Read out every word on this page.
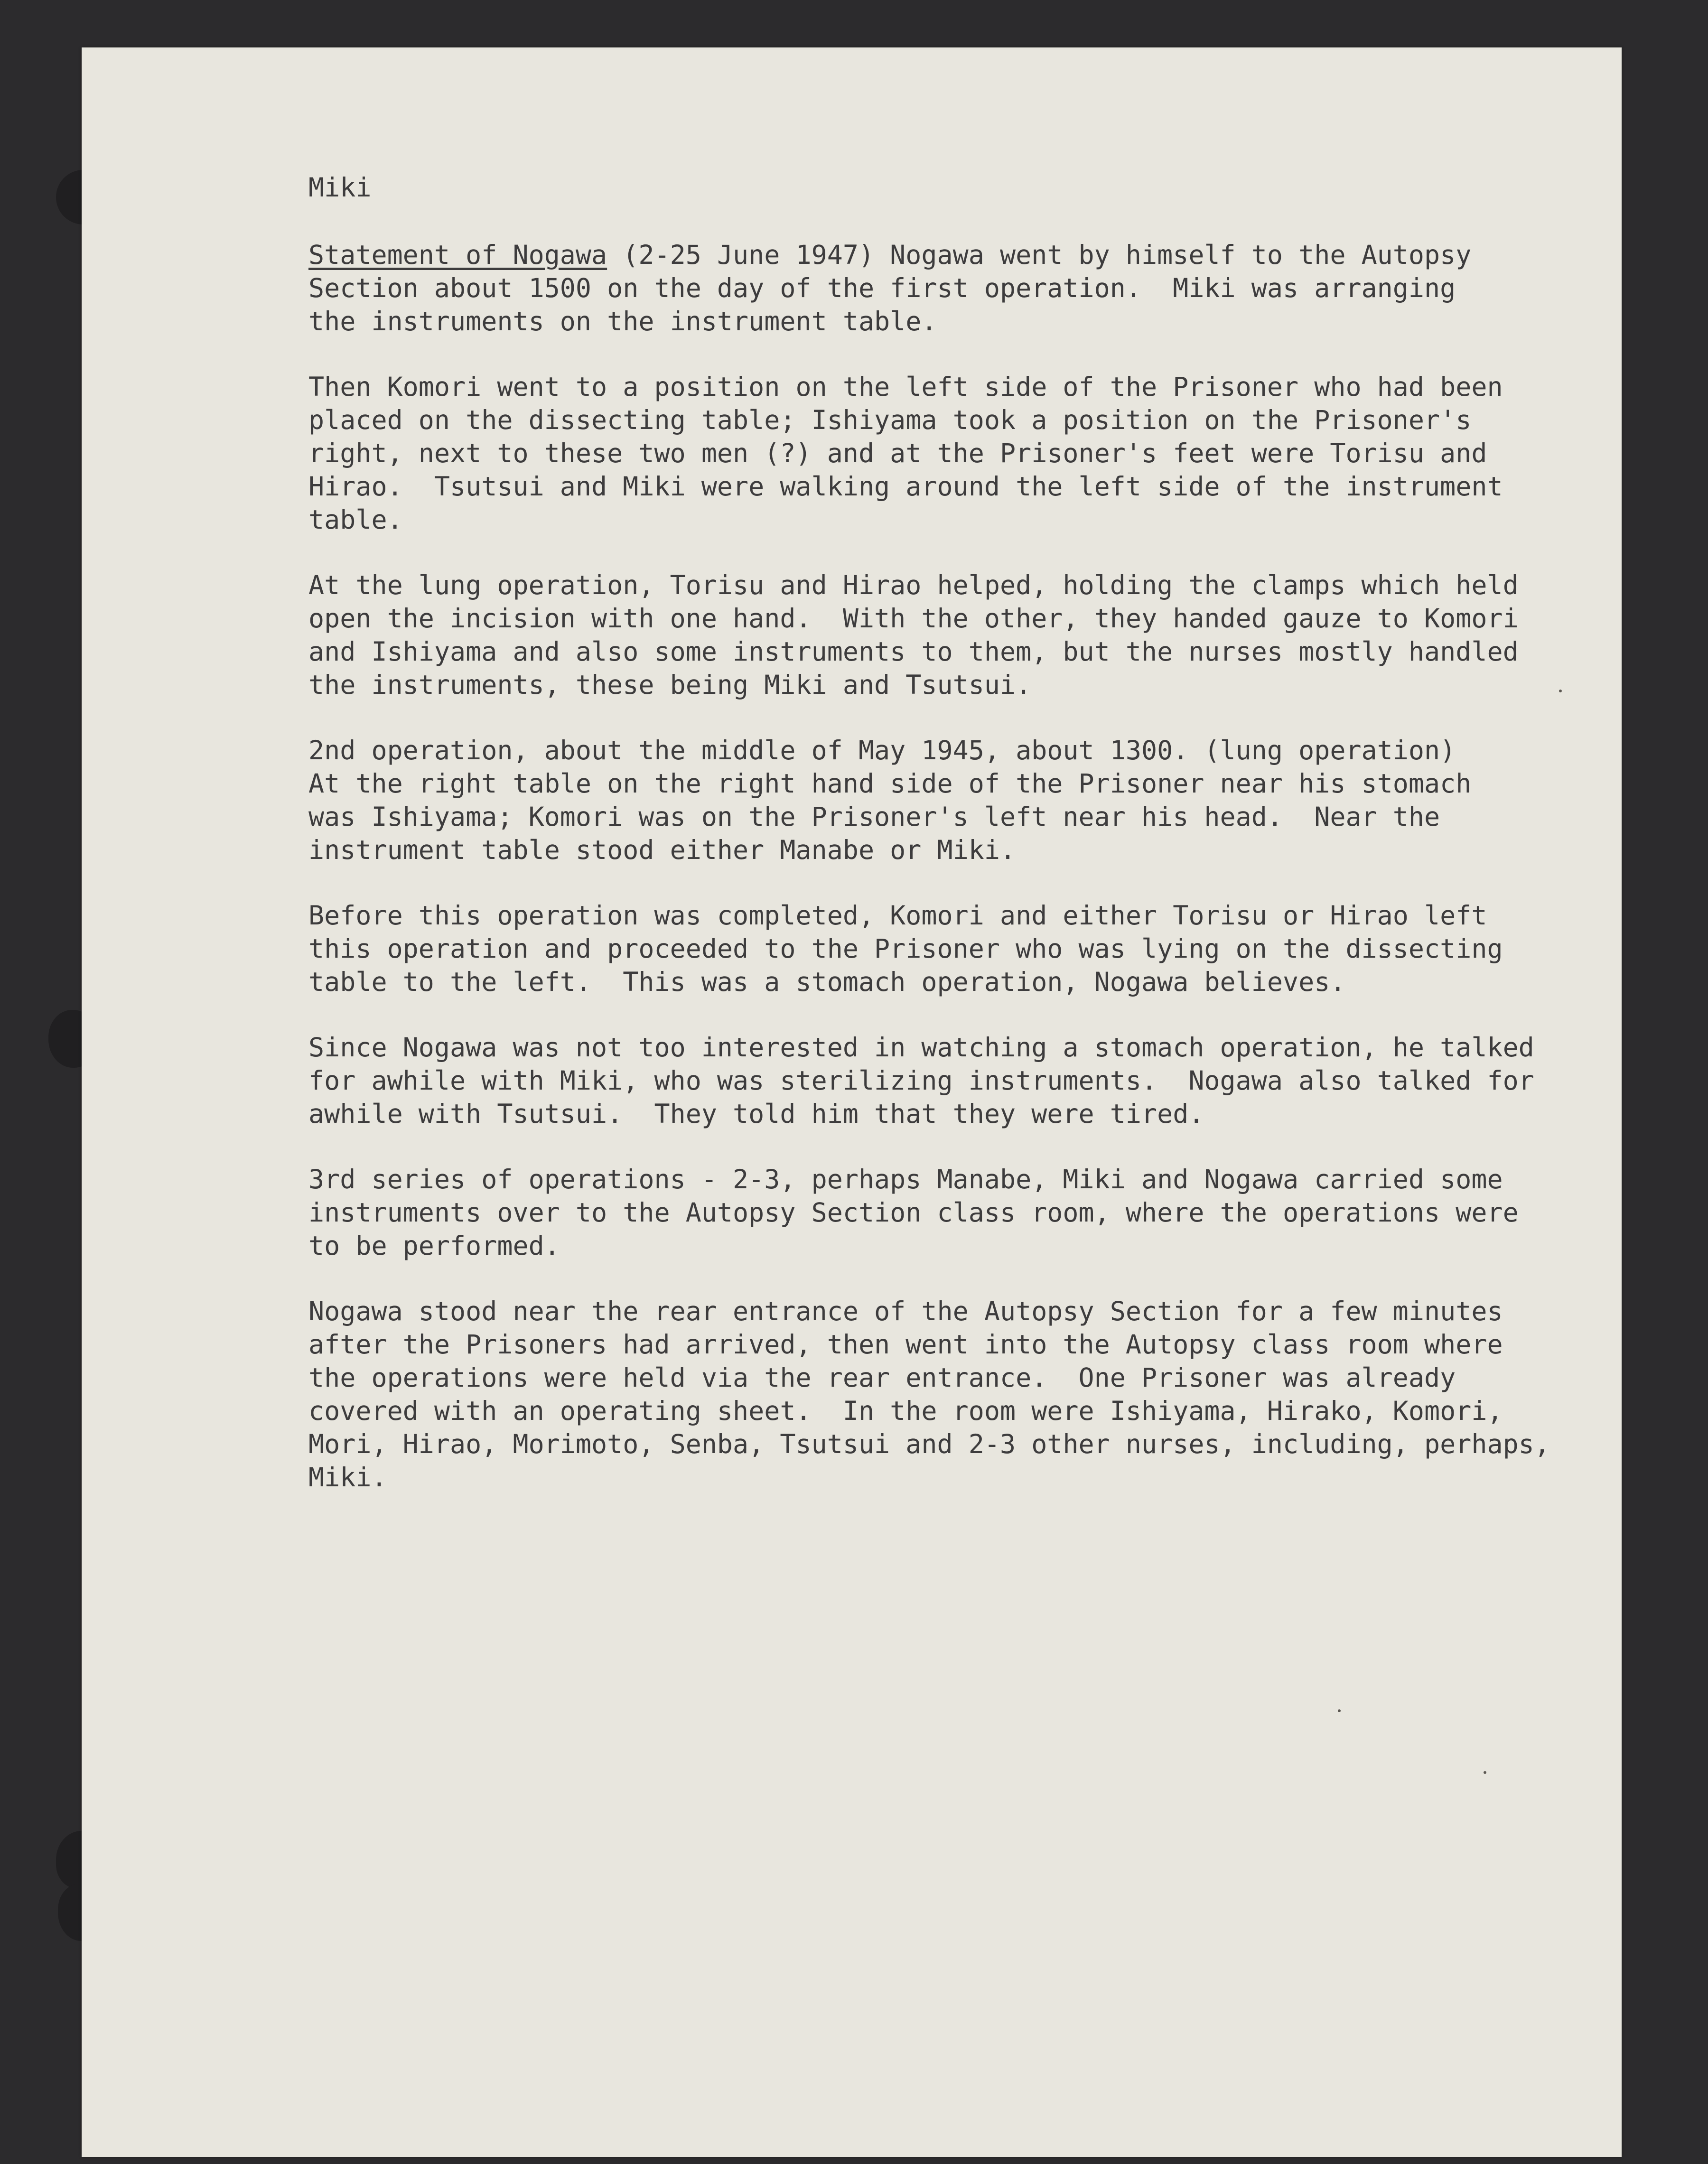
Miki
Statement of Nogawa (2-25 June 1947) Nogawa went by himself to the Autopsy
Section about 1500 on the day of the first operation.  Miki was arranging
the instruments on the instrument table.
Then Komori went to a position on the left side of the Prisoner who had been
placed on the dissecting table; Ishiyama took a position on the Prisoner's
right, next to these two men (?) and at the Prisoner's feet were Torisu and
Hirao.  Tsutsui and Miki were walking around the left side of the instrument
table.
At the lung operation, Torisu and Hirao helped, holding the clamps which held
open the incision with one hand.  With the other, they handed gauze to Komori
and Ishiyama and also some instruments to them, but the nurses mostly handled
the instruments, these being Miki and Tsutsui.
2nd operation, about the middle of May 1945, about 1300. (lung operation)
At the right table on the right hand side of the Prisoner near his stomach
was Ishiyama; Komori was on the Prisoner's left near his head.  Near the
instrument table stood either Manabe or Miki.
Before this operation was completed, Komori and either Torisu or Hirao left
this operation and proceeded to the Prisoner who was lying on the dissecting
table to the left.  This was a stomach operation, Nogawa believes.
Since Nogawa was not too interested in watching a stomach operation, he talked
for awhile with Miki, who was sterilizing instruments.  Nogawa also talked for
awhile with Tsutsui.  They told him that they were tired.
3rd series of operations - 2-3, perhaps Manabe, Miki and Nogawa carried some
instruments over to the Autopsy Section class room, where the operations were
to be performed.
Nogawa stood near the rear entrance of the Autopsy Section for a few minutes
after the Prisoners had arrived, then went into the Autopsy class room where
the operations were held via the rear entrance.  One Prisoner was already
covered with an operating sheet.  In the room were Ishiyama, Hirako, Komori,
Mori, Hirao, Morimoto, Senba, Tsutsui and 2-3 other nurses, including, perhaps,
Miki.
